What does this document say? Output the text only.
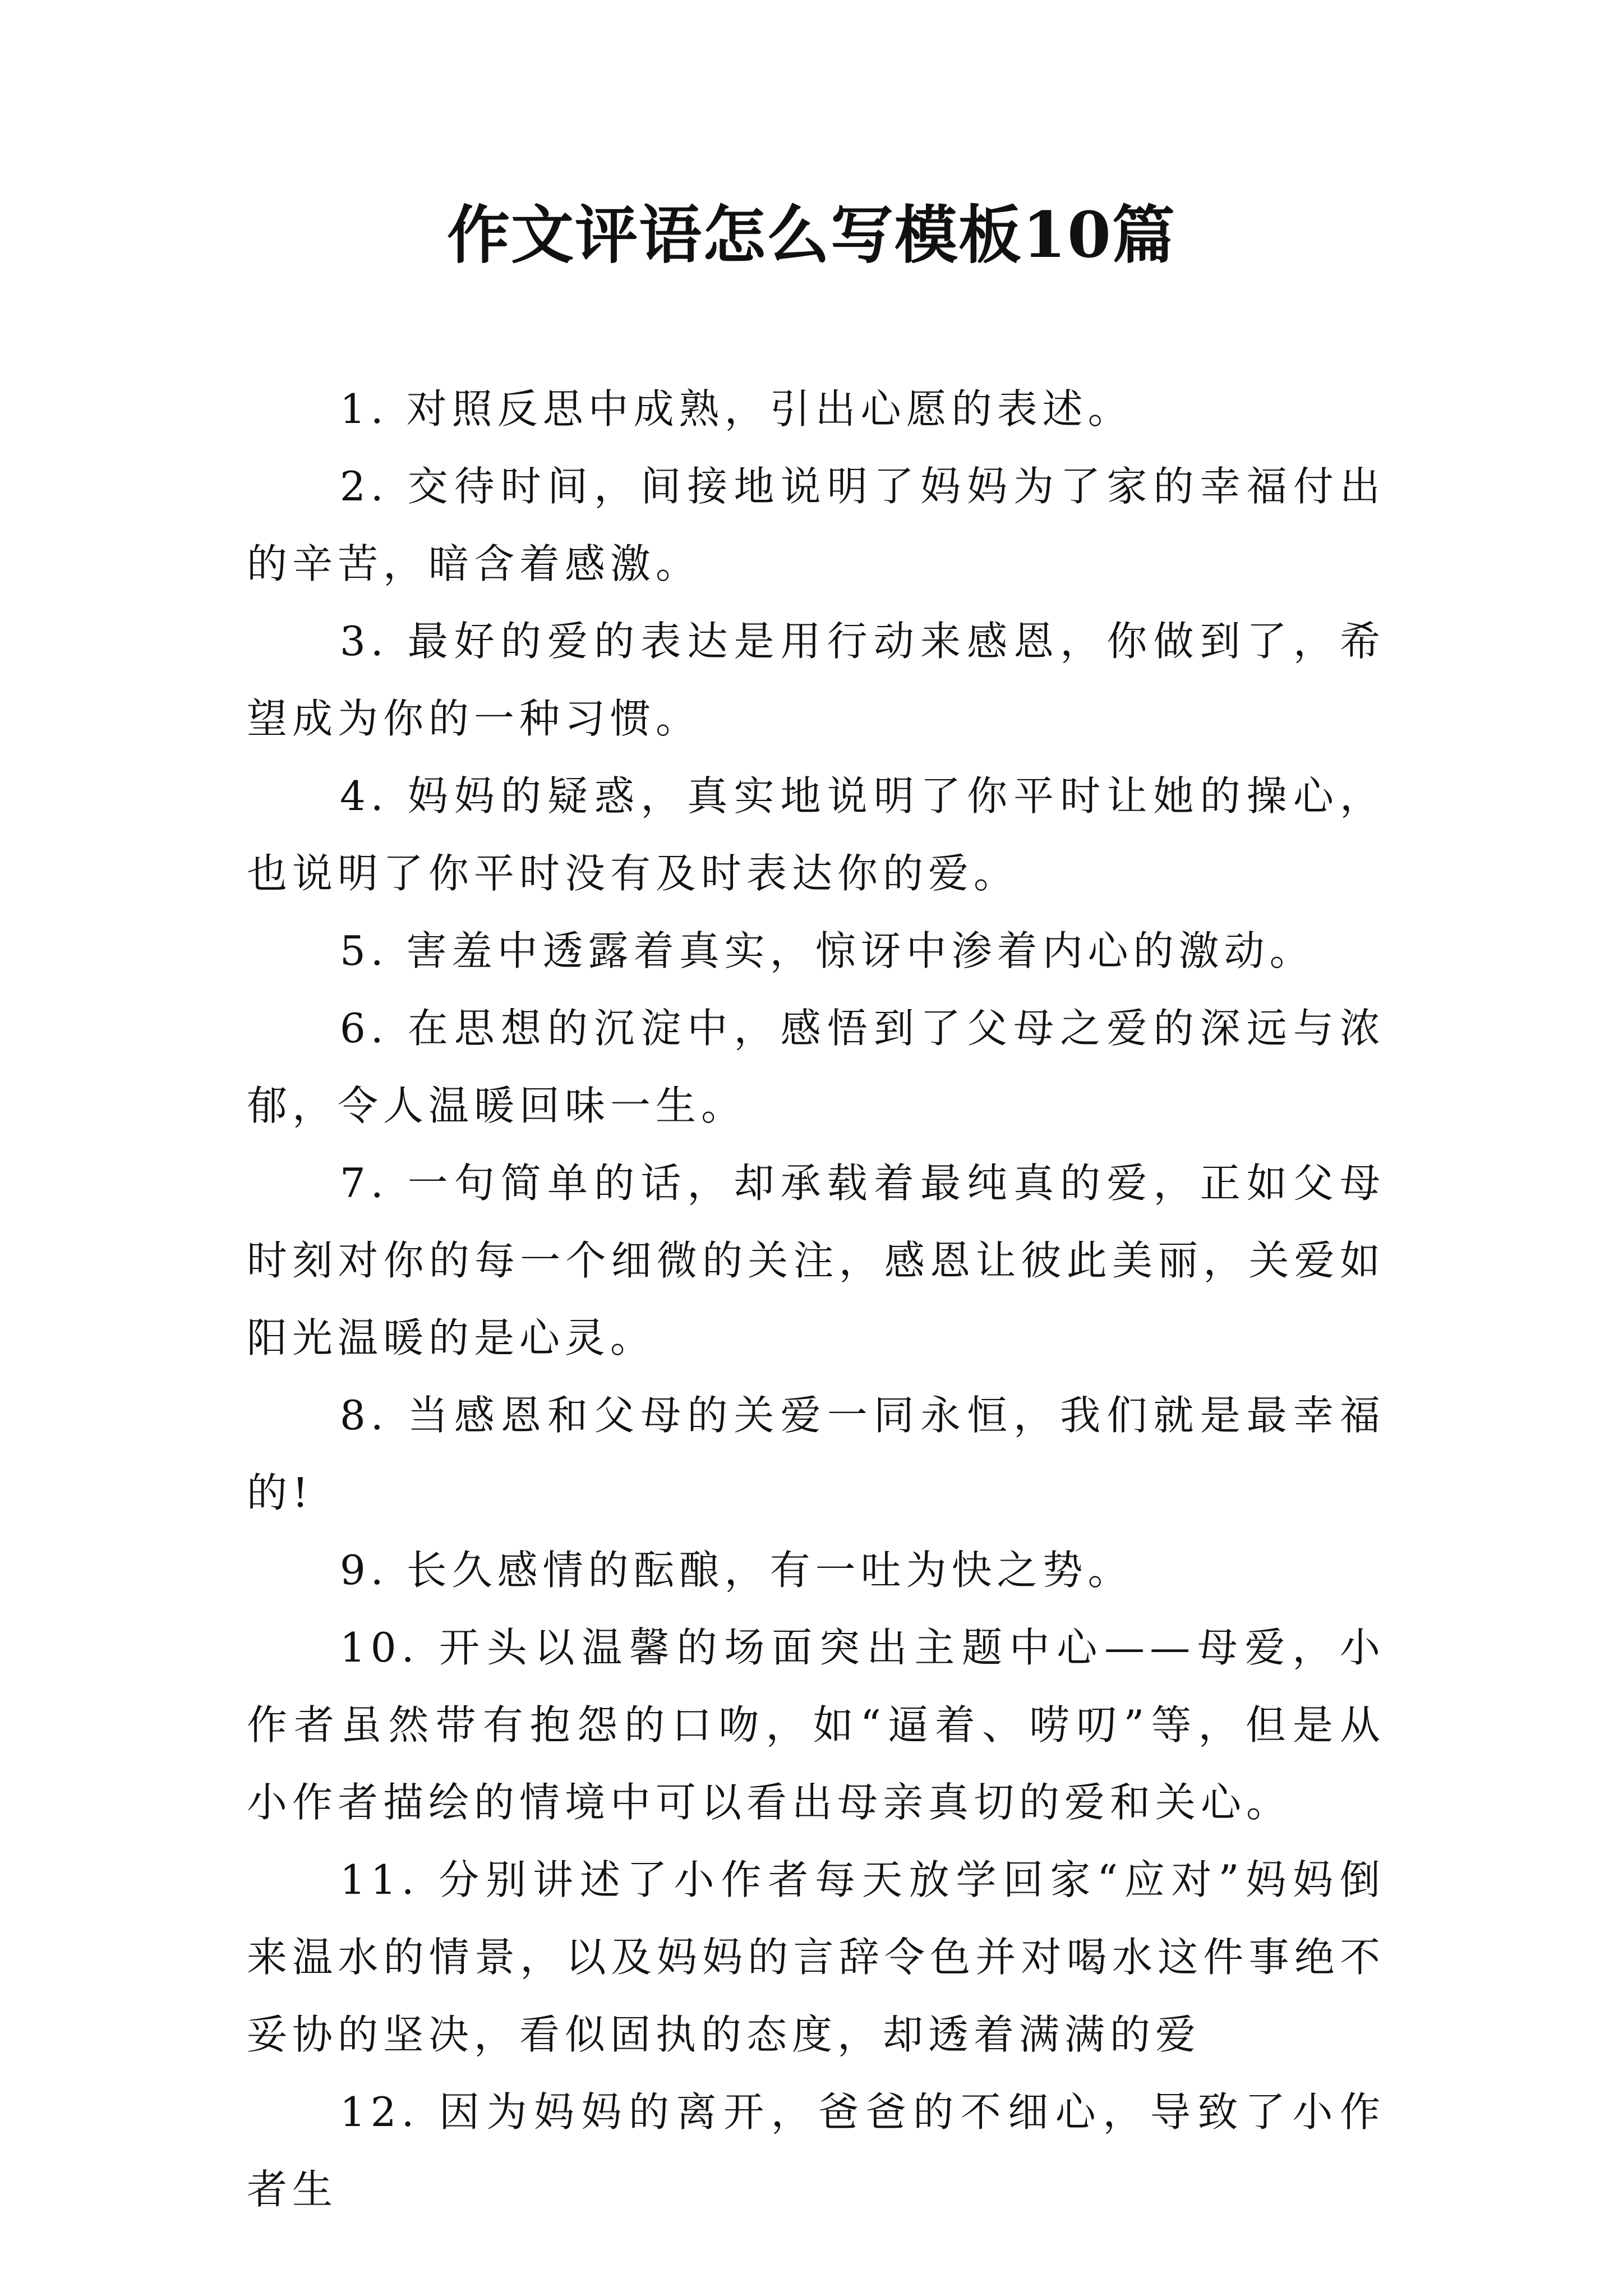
作文评语怎么写模板10篇

1. 对照反思中成熟，引出心愿的表述。

2. 交待时间，间接地说明了妈妈为了家的幸福付出的辛苦，暗含着感激。

3. 最好的爱的表达是用行动来感恩，你做到了，希望成为你的一种习惯。

4. 妈妈的疑惑，真实地说明了你平时让她的操心，也说明了你平时没有及时表达你的爱。

5. 害羞中透露着真实，惊讶中渗着内心的激动。

6. 在思想的沉淀中，感悟到了父母之爱的深远与浓郁，令人温暖回味一生。

7. 一句简单的话，却承载着最纯真的爱，正如父母时刻对你的每一个细微的关注，感恩让彼此美丽，关爱如阳光温暖的是心灵。

8. 当感恩和父母的关爱一同永恒，我们就是最幸福的!

9. 长久感情的酝酿，有一吐为快之势。

10. 开头以温馨的场面突出主题中心——母爱，小作者虽然带有抱怨的口吻，如“逼着、唠叨”等，但是从小作者描绘的情境中可以看出母亲真切的爱和关心。

11. 分别讲述了小作者每天放学回家“应对”妈妈倒来温水的情景，以及妈妈的言辞令色并对喝水这件事绝不妥协的坚决，看似固执的态度，却透着满满的爱

12. 因为妈妈的离开，爸爸的不细心，导致了小作者生
